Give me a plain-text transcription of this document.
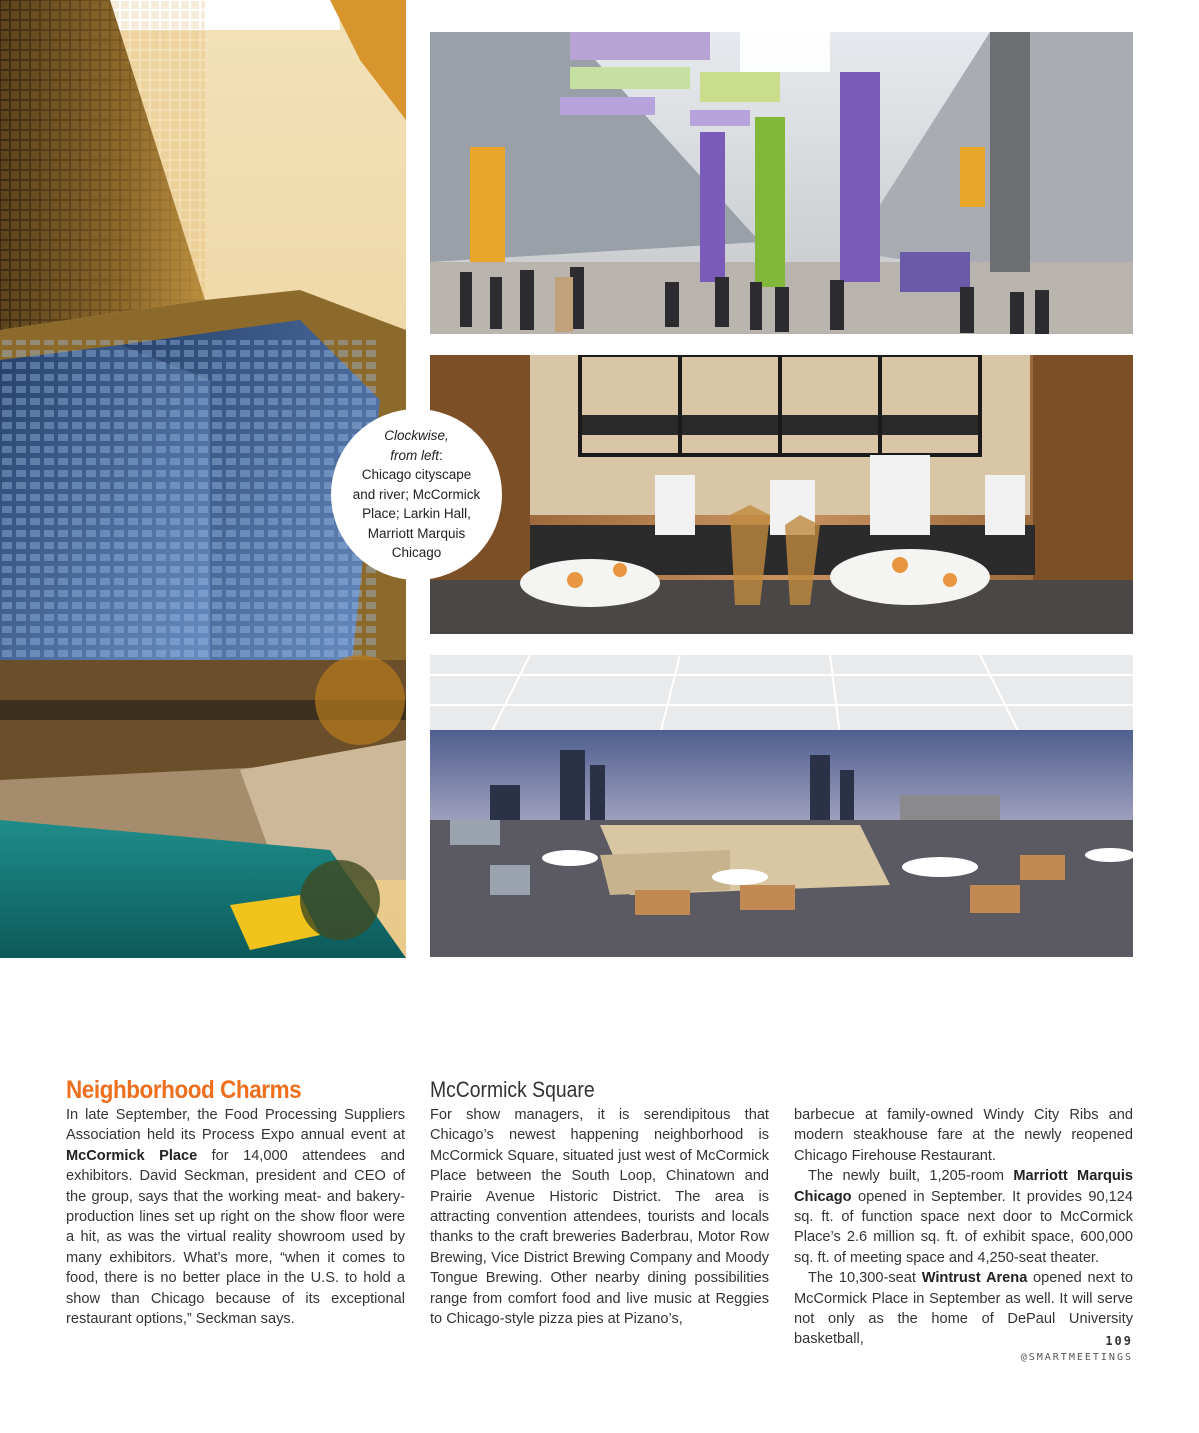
Clockwise,

from left:

Chicago cityscape

and river; McCormick

Place; Larkin Hall,

Marriott Marquis

Chicago

Neighborhood Charms

In late September, the Food Processing Suppliers Association held its Process Expo annual event at McCormick Place for 14,000 attendees and exhibitors. David Seckman, president and CEO of the group, says that the working meat- and bakery-production lines set up right on the show floor were a hit, as was the virtual reality showroom used by many exhibitors. What’s more, “when it comes to food, there is no better place in the U.S. to hold a show than Chicago because of its exceptional restaurant options,” Seckman says.

McCormick Square

For show managers, it is serendipitous that Chicago’s newest happening neighborhood is McCormick Square, situated just west of McCormick Place between the South Loop, Chinatown and Prairie Avenue Historic District. The area is attracting convention attendees, tourists and locals thanks to the craft breweries Baderbrau, Motor Row Brewing, Vice District Brewing Company and Moody Tongue Brewing. Other nearby dining possibilities range from comfort food and live music at Reggies to Chicago-style pizza pies at Pizano’s,

barbecue at family-owned Windy City Ribs and modern steakhouse fare at the newly reopened Chicago Firehouse Restaurant.

The newly built, 1,205-room Marriott Marquis Chicago opened in September. It provides 90,124 sq. ft. of function space next door to McCormick Place’s 2.6 million sq. ft. of exhibit space, 600,000 sq. ft. of meeting space and 4,250-seat theater.

The 10,300-seat Wintrust Arena opened next to McCormick Place in September as well. It will serve not only as the home of DePaul University basketball,	109
@SMARTMEETINGS
